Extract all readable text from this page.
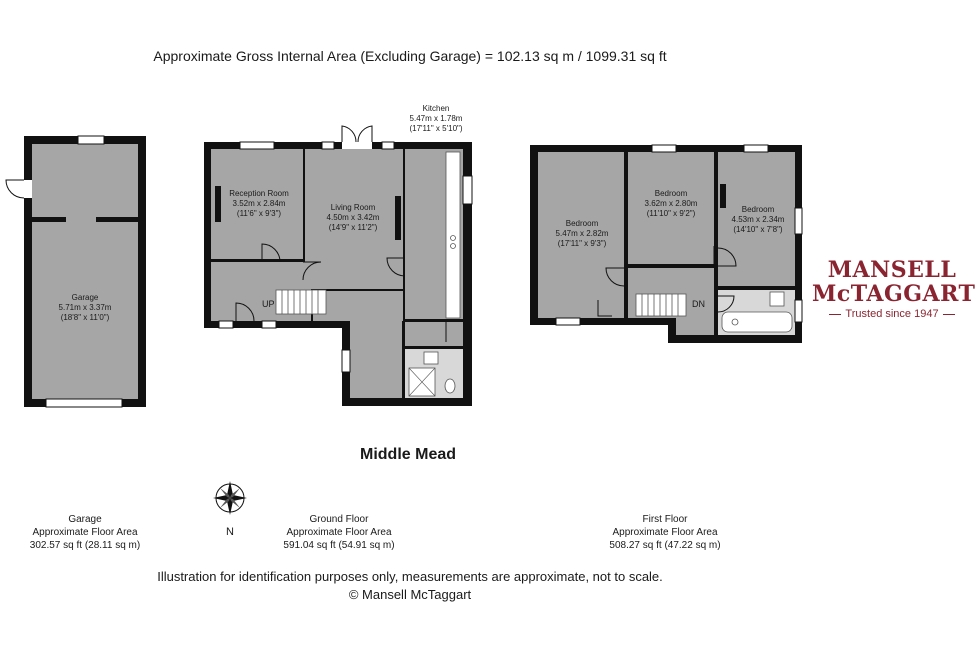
Approximate Gross Internal Area (Excluding Garage) = 102.13 sq m / 1099.31 sq ft
Kitchen
5.47m x 1.78m
(17'11" x 5'10")
Reception Room
3.52m x 2.84m
(11'6" x 9'3")
Living Room
4.50m x 3.42m
(14'9" x 11'2")
Garage
5.71m x 3.37m
(18'8" x 11'0")
Bedroom
5.47m x 2.82m
(17'11" x 9'3")
Bedroom
3.62m x 2.80m
(11'10" x 9'2")	Bedroom
4.53m x 2.34m
(14'10" x 7'8")
UP	DN
Middle Mead
N
Garage
Approximate Floor Area
302.57 sq ft (28.11 sq m)
Ground Floor
Approximate Floor Area
591.04 sq ft (54.91 sq m)
First Floor
Approximate Floor Area
508.27 sq ft (47.22 sq m)
Illustration for identification purposes only, measurements are approximate, not to scale.
© Mansell McTaggart
MANSELL
McTAGGART
Trusted since 1947
